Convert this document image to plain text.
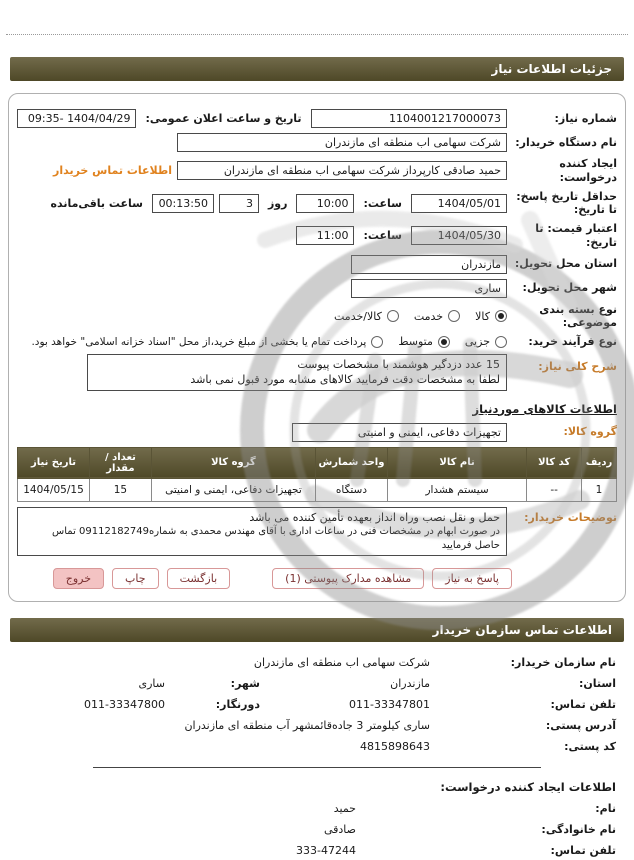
جزئیات اطلاعات نیاز
شماره نیاز:
1104001217000073
تاریخ و ساعت اعلان عمومی:
1404/04/29 -09:35
نام دستگاه خریدار:
شرکت سهامی اب منطقه ای مازندران
ایجاد کننده درخواست:
حمید صادقی کارپرداز شرکت سهامی اب منطقه ای مازندران
اطلاعات تماس خریدار
حداقل تاریخ پاسخ: تا تاریخ:
1404/05/01
ساعت:
10:00
روز
3
00:13:50
ساعت باقی‌مانده
اعتبار قیمت: تا تاریخ:
1404/05/30
ساعت:
11:00
استان محل تحویل:
مازندران
شهر محل تحویل:
ساری
نوع بسته بندی موضوعی:
کالا
خدمت
کالا/خدمت
نوع فرآیند خرید:
جزیی
متوسط
پرداخت تمام یا بخشی از مبلغ خرید،از محل "اسناد خزانه اسلامی" خواهد بود.
شرح کلی نیاز:
15 عدد دزدگیر هوشمند با مشخصات پیوست
لطفا به مشخصات دقت فرمایید کالاهای مشابه مورد قبول نمی باشد
اطلاعات کالاهای موردنیاز
گروه کالا:
تجهیزات دفاعی، ایمنی و امنیتی
ردیف	کد کالا	نام کالا	واحد شمارش	گروه کالا	تعداد / مقدار	تاریخ نیاز
1	--	سیستم هشدار	دستگاه	تجهیزات دفاعی، ایمنی و امنیتی	15	1404/05/15
توضیحات خریدار:
حمل و نقل نصب وراه انداز بعهده تأمین کننده می باشد
در صورت ابهام در مشخصات فنی در ساعات اداری با آقای مهندس محمدی به شماره09112182749 تماس حاصل فرمایید
پاسخ به نیاز
مشاهده مدارک پیوستی (1)
بازگشت
چاپ
خروج
اطلاعات تماس سازمان خریدار
نام سازمان خریدار:
شرکت سهامی اب منطقه ای مازندران
استان:
مازندران
شهر:
ساری
تلفن تماس:
011-33347801
دورنگار:
011-33347800
آدرس پستی:
ساری کیلومتر 3 جاده‌قائمشهر آب منطقه ای مازندران
کد پستی:
4815898643
اطلاعات ایجاد کننده درخواست:
نام:
حمید
نام خانوادگی:
صادقی
تلفن تماس:
333-47244
